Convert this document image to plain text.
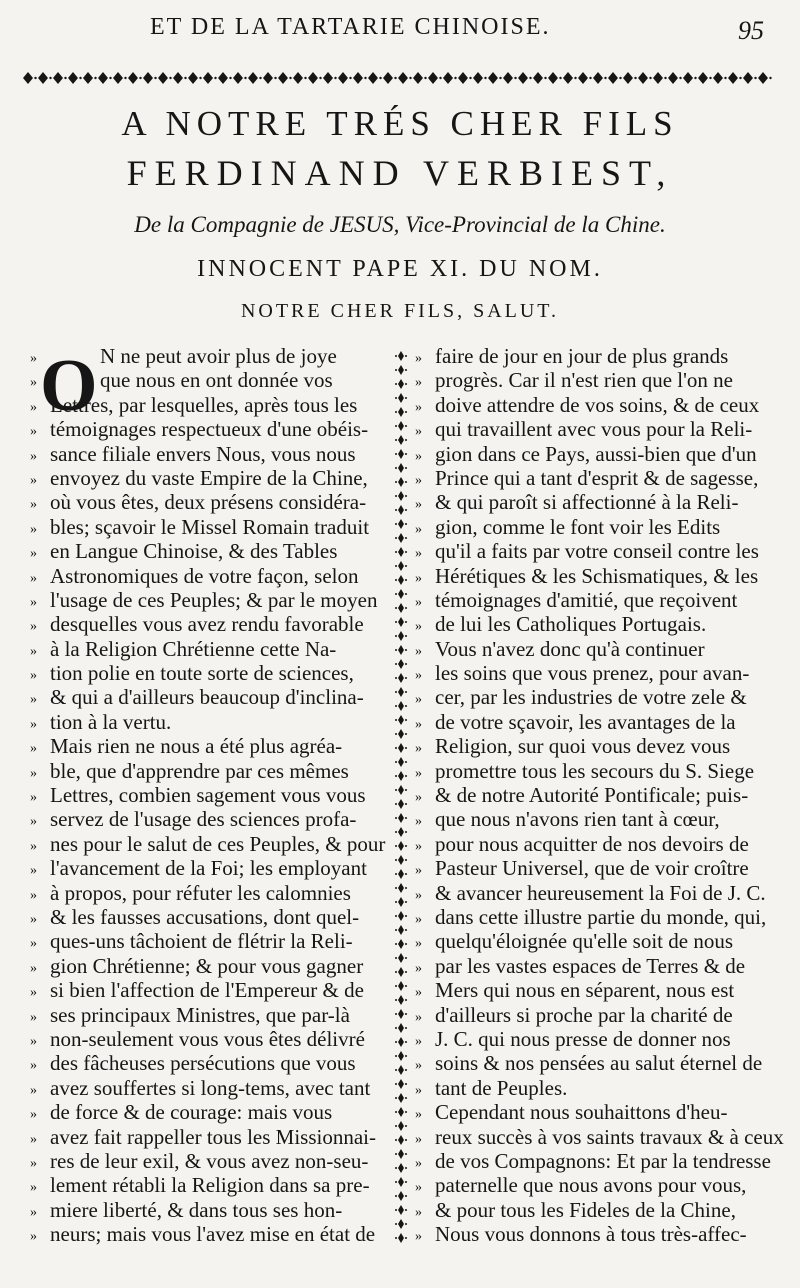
ET DE LA TARTARIE CHINOISE.	95
A NOTRE TRÉS CHER FILS
FERDINAND VERBIEST,
De la Compagnie de JESUS, Vice-Provincial de la Chine.
INNOCENT PAPE XI. DU NOM.
NOTRE CHER FILS, SALUT.
O
»	N ne peut avoir plus de joye
»	que nous en ont donnée vos
» Lettres, par lesquelles, après tous les
» témoignages respectueux d'une obéis-
» sance filiale envers Nous, vous nous
» envoyez du vaste Empire de la Chine,
» où vous êtes, deux présens considéra-
» bles; sçavoir le Missel Romain traduit
» en Langue Chinoise, & des Tables
» Astronomiques de votre façon, selon
» l'usage de ces Peuples; & par le moyen
» desquelles vous avez rendu favorable
» à la Religion Chrétienne cette Na-
» tion polie en toute sorte de sciences,
» & qui a d'ailleurs beaucoup d'inclina-
» tion à la vertu.
» Mais rien ne nous a été plus agréa-
» ble, que d'apprendre par ces mêmes
» Lettres, combien sagement vous vous
» servez de l'usage des sciences profa-
» nes pour le salut de ces Peuples, & pour
» l'avancement de la Foi; les employant
» à propos, pour réfuter les calomnies
» & les fausses accusations, dont quel-
» ques-uns tâchoient de flétrir la Reli-
» gion Chrétienne; & pour vous gagner
» si bien l'affection de l'Empereur & de
» ses principaux Ministres, que par-là
» non-seulement vous vous êtes délivré
» des fâcheuses persécutions que vous
» avez souffertes si long-tems, avec tant
» de force & de courage: mais vous
» avez fait rappeller tous les Missionnai-
» res de leur exil, & vous avez non-seu-
» lement rétabli la Religion dans sa pre-
» miere liberté, & dans tous ses hon-
» neurs; mais vous l'avez mise en état de
» faire de jour en jour de plus grands
» progrès. Car il n'est rien que l'on ne
» doive attendre de vos soins, & de ceux
» qui travaillent avec vous pour la Reli-
» gion dans ce Pays, aussi-bien que d'un
» Prince qui a tant d'esprit & de sagesse,
» & qui paroît si affectionné à la Reli-
» gion, comme le font voir les Edits
» qu'il a faits par votre conseil contre les
» Hérétiques & les Schismatiques, & les
» témoignages d'amitié, que reçoivent
» de lui les Catholiques Portugais.
» Vous n'avez donc qu'à continuer
» les soins que vous prenez, pour avan-
» cer, par les industries de votre zele &
» de votre sçavoir, les avantages de la
» Religion, sur quoi vous devez vous
» promettre tous les secours du S. Siege
» & de notre Autorité Pontificale; puis-
» que nous n'avons rien tant à cœur,
» pour nous acquitter de nos devoirs de
» Pasteur Universel, que de voir croître
» & avancer heureusement la Foi de J. C.
» dans cette illustre partie du monde, qui,
» quelqu'éloignée qu'elle soit de nous
» par les vastes espaces de Terres & de
» Mers qui nous en séparent, nous est
» d'ailleurs si proche par la charité de
» J. C. qui nous presse de donner nos
» soins & nos pensées au salut éternel de
» tant de Peuples.
» Cependant nous souhaittons d'heu-
» reux succès à vos saints travaux & à ceux
» de vos Compagnons: Et par la tendresse
» paternelle que nous avons pour vous,
» & pour tous les Fideles de la Chine,
» Nous vous donnons à tous très-affec-
